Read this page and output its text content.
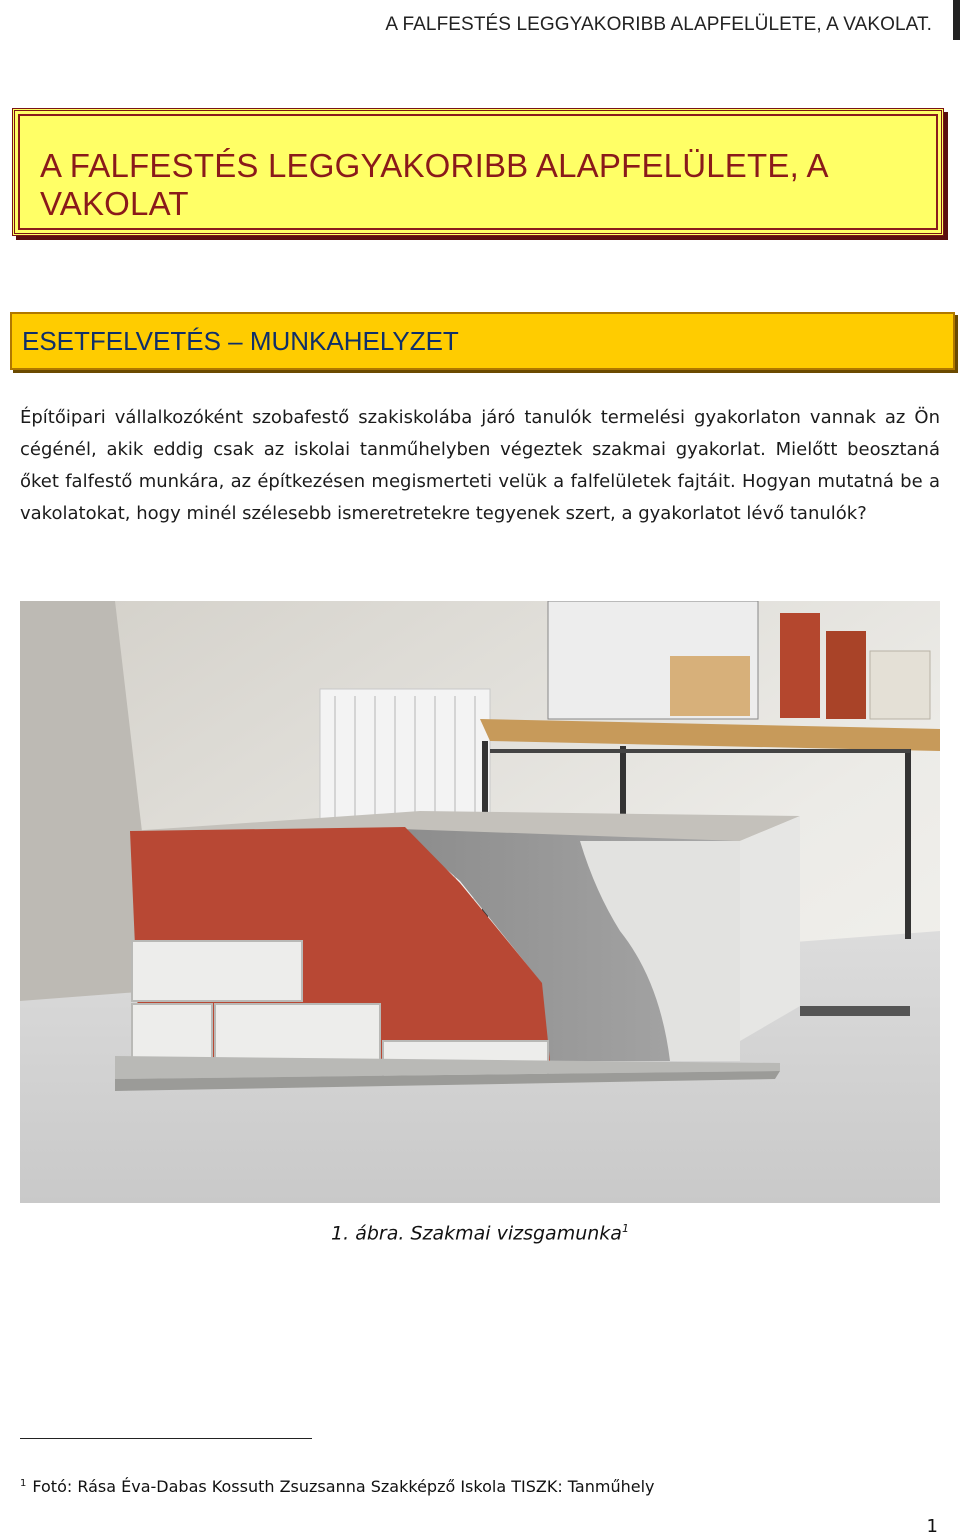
A FALFESTÉS LEGGYAKORIBB ALAPFELÜLETE, A VAKOLAT.
A FALFESTÉS LEGGYAKORIBB ALAPFELÜLETE, A VAKOLAT
ESETFELVETÉS – MUNKAHELYZET
Építőipari vállalkozóként szobafestő szakiskolába járó tanulók termelési gyakorlaton vannak az Ön cégénél, akik eddig csak az iskolai tanműhelyben végeztek szakmai gyakorlat. Mielőtt beosztaná őket falfestő munkára, az építkezésen megismerteti velük a falfelületek fajtáit. Hogyan mutatná be a vakolatokat, hogy minél szélesebb ismeretretekre tegyenek szert, a gyakorlatot lévő tanulók?
1. ábra. Szakmai vizsgamunka$^1$
$^1$ Fotó: Rása Éva-Dabas Kossuth Zsuzsanna Szakképző Iskola TISZK: Tanműhely
1
